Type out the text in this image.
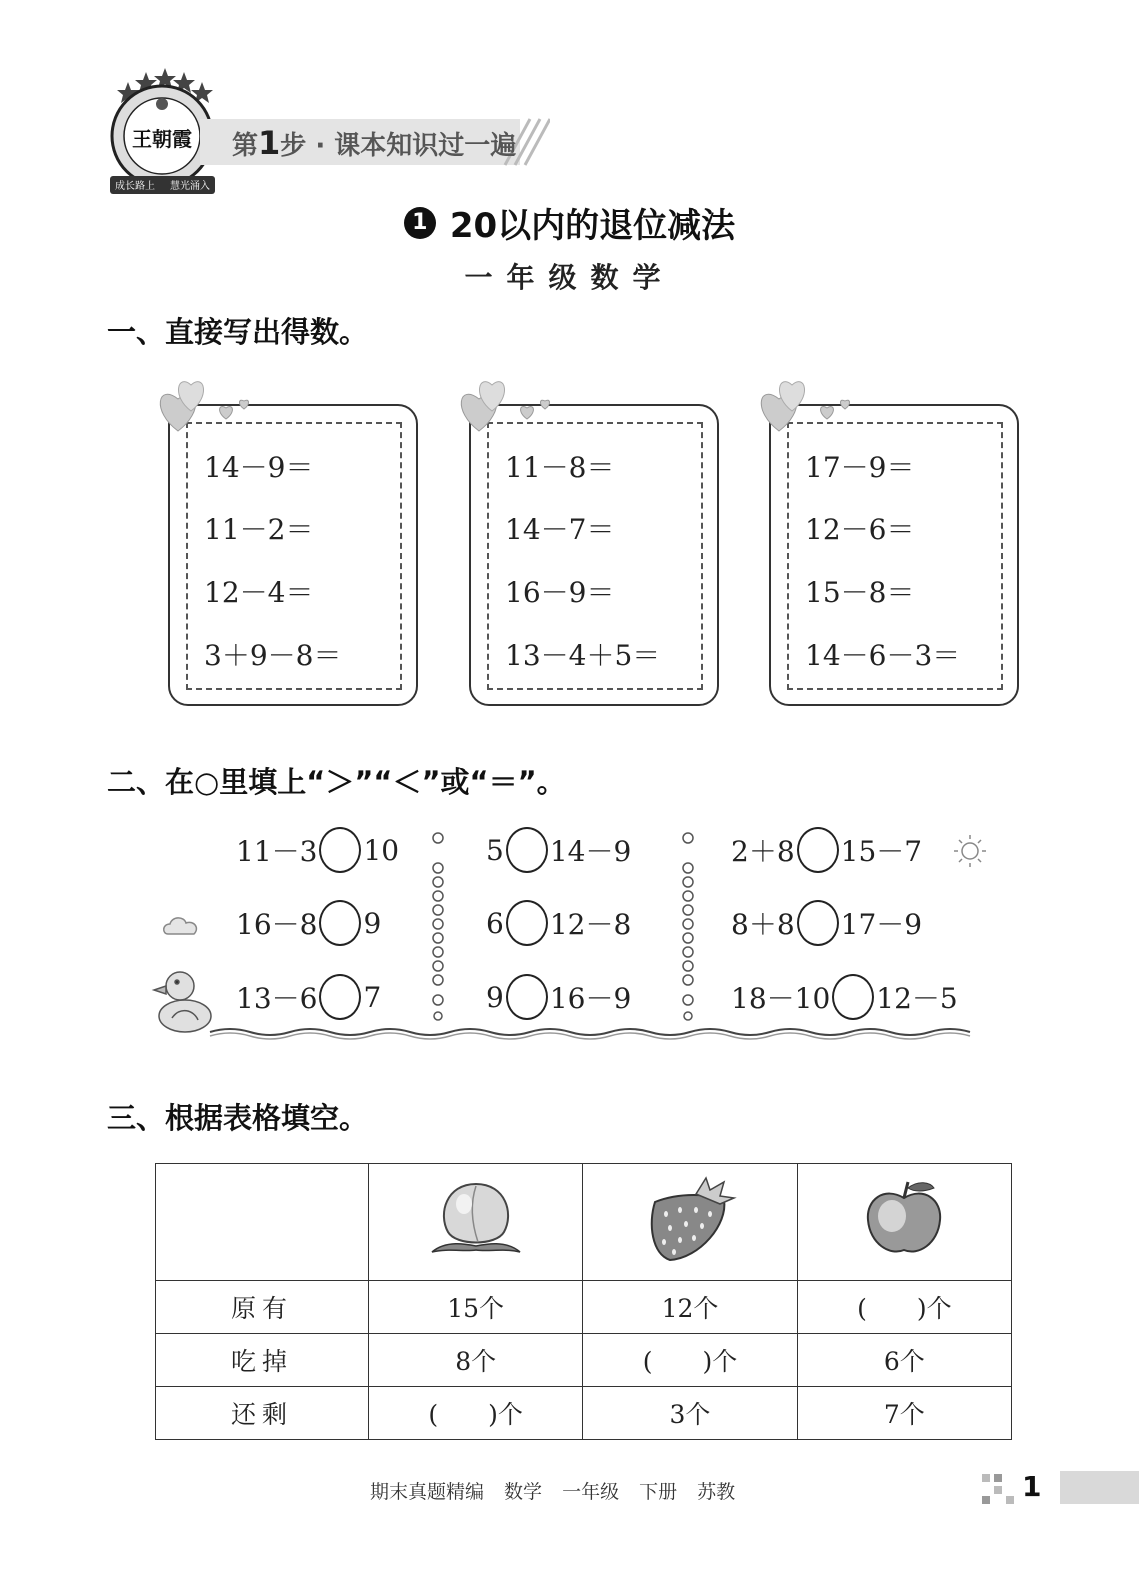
王朝霞
成长路上 慧光涌入
第1步 · 课本知识过一遍
1 20以内的退位减法
一年级数学
一、直接写出得数。
14－9＝
11－2＝
12－4＝
3＋9－8＝
11－8＝
14－7＝
16－9＝
13－4＋5＝
17－9＝
12－6＝
15－8＝
14－6－3＝
二、在○里填上“＞”“＜”或“＝”。
11－3 10	5 14－9	2＋8 15－7
16－8 9	6 12－8	8＋8 17－9
13－6 7	9 16－9	18－10 12－5
三、根据表格填空。

原有	15个	12个	(　　)个
吃掉	8个	(　　)个	6个
还剩	(　　)个	3个	7个
期末真题精编 数学 一年级 下册 苏教	1
